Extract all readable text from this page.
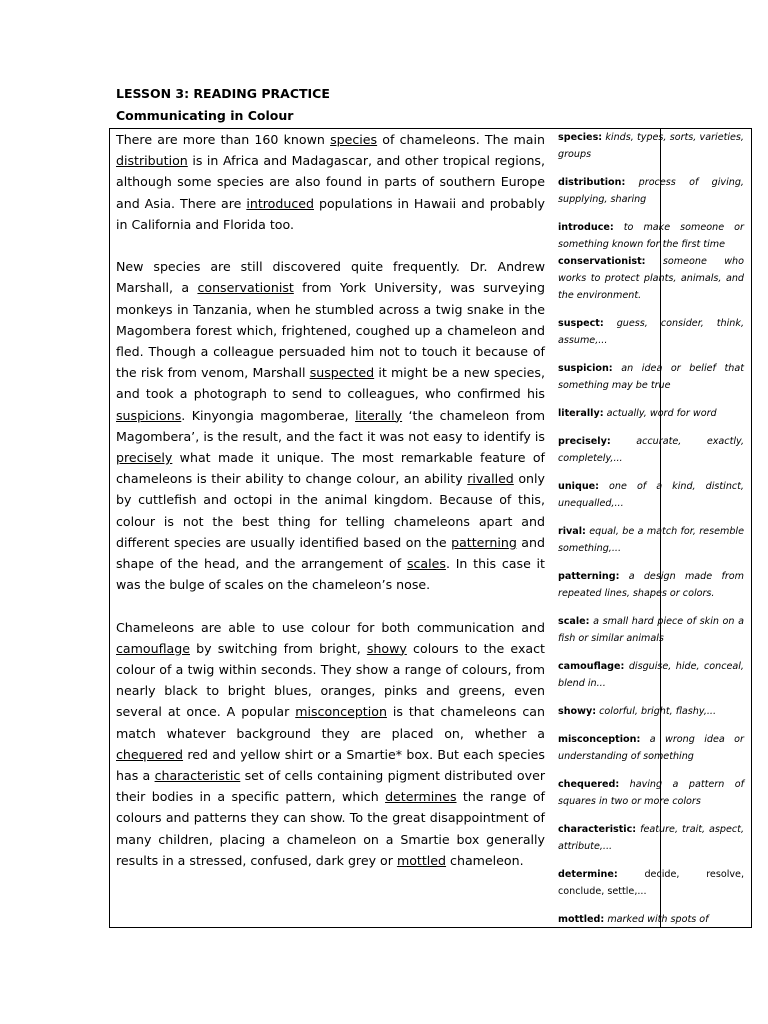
LESSON 3: READING PRACTICE
Communicating in Colour

There are more than 160 known species of chameleons. The main distribution is in Africa and Madagascar, and other tropical regions, although some species are also found in parts of southern Europe and Asia. There are introduced populations in Hawaii and probably in California and Florida too.

New species are still discovered quite frequently. Dr. Andrew Marshall, a conservationist from York University, was surveying monkeys in Tanzania, when he stumbled across a twig snake in the Magombera forest which, frightened, coughed up a chameleon and fled. Though a colleague persuaded him not to touch it because of the risk from venom, Marshall suspected it might be a new species, and took a photograph to send to colleagues, who confirmed his suspicions. Kinyongia magomberae, literally ‘the chameleon from Magombera’, is the result, and the fact it was not easy to identify is precisely what made it unique. The most remarkable feature of chameleons is their ability to change colour, an ability rivalled only by cuttlefish and octopi in the animal kingdom. Because of this, colour is not the best thing for telling chameleons apart and different species are usually identified based on the patterning and shape of the head, and the arrangement of scales. In this case it was the bulge of scales on the chameleon’s nose.

Chameleons are able to use colour for both communication and camouflage by switching from bright, showy colours to the exact colour of a twig within seconds. They show a range of colours, from nearly black to bright blues, oranges, pinks and greens, even several at once. A popular misconception is that chameleons can match whatever background they are placed on, whether a chequered red and yellow shirt or a Smartie* box. But each species has a characteristic set of cells containing pigment distributed over their bodies in a specific pattern, which determines the range of colours and patterns they can show. To the great disappointment of many children, placing a chameleon on a Smartie box generally results in a stressed, confused, dark grey or mottled chameleon.

species: kinds, types, sorts, varieties, groups
distribution: process of giving, supplying, sharing
introduce: to make someone or something known for the first time
conservationist: someone who works to protect plants, animals, and the environment.
suspect: guess, consider, think, assume,...
suspicion: an idea or belief that something may be true
literally: actually, word for word
precisely:	accurate, exactly, completely,...
unique: one of a kind, distinct, unequalled,...
rival: equal, be a match for, resemble something,...
patterning: a design made from repeated lines, shapes or colors.
scale: a small hard piece of skin on a fish or similar animals
camouflage: disguise, hide, conceal, blend in...
showy: colorful, bright, flashy,...
misconception: a wrong idea or understanding of something
chequered: having a pattern of squares in two or more colors
characteristic: feature, trait, aspect, attribute,...
determine:	decide, resolve, conclude, settle,...
mottled: marked with spots of
